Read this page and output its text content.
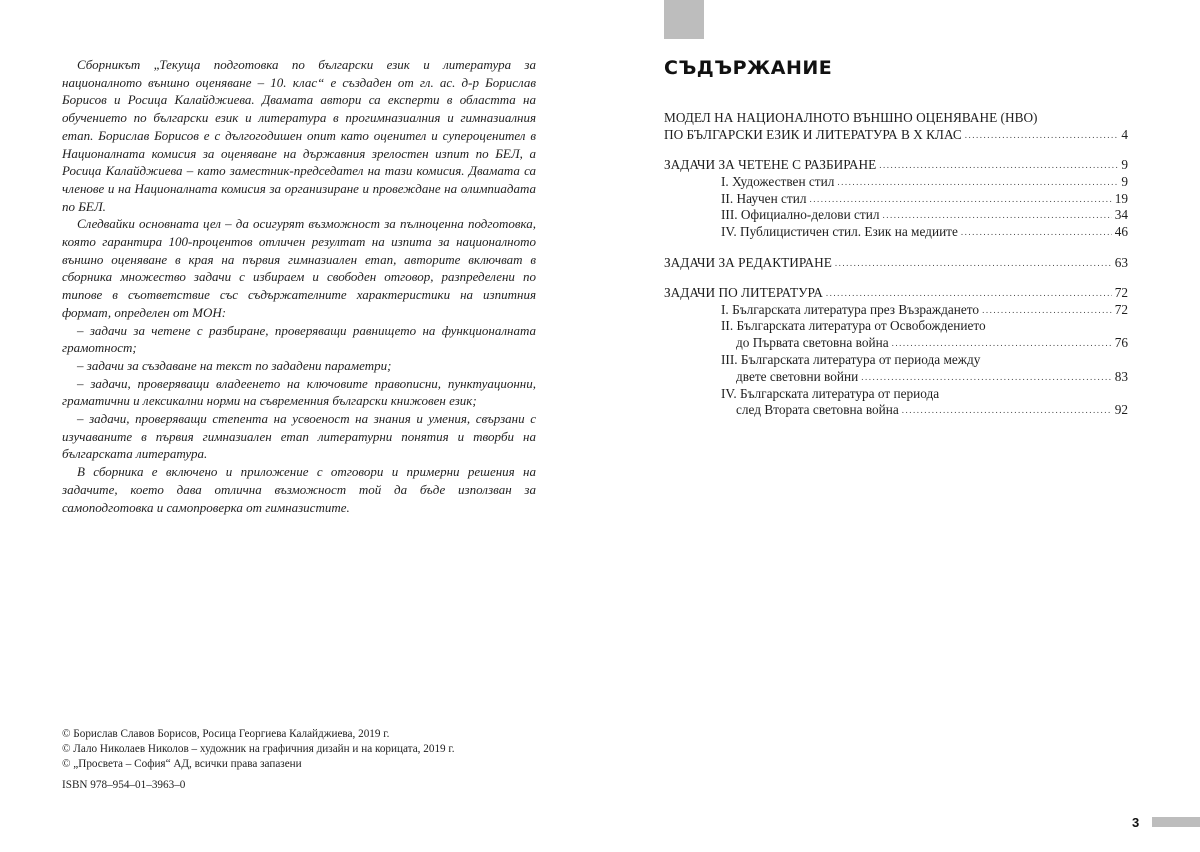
Сборникът „Текуща подготовка по български език и литература за националното външно оценяване – 10. клас“ е създаден от гл. ас. д-р Борислав Борисов и Росица Калайджиева. Двамата автори са експерти в областта на обучението по български език и литература в прогимназиалния и гимназиалния етап. Борислав Борисов е с дългогодишен опит като оценител и супероценител в Националната комисия за оценяване на държавния зрелостен изпит по БЕЛ, а Росица Калайджиева – като заместник-председател на тази комисия. Двамата са членове и на Националната комисия за организиране и провеждане на олимпиадата по БЕЛ.

Следвайки основната цел – да осигурят възможност за пълноценна подготовка, която гарантира 100-процентов отличен резултат на изпита за националното външно оценяване в края на първия гимназиален етап, авторите включват в сборника множество задачи с избираем и свободен отговор, разпределени по типове в съответствие със съдържателните характеристики на изпитния формат, определен от МОН:

– задачи за четене с разбиране, проверяващи равнището на функционалната грамотност;

– задачи за създаване на текст по зададени параметри;

– задачи, проверяващи владеенето на ключовите правописни, пунктуационни, граматични и лексикални норми на съвременния български книжовен език;

– задачи, проверяващи степента на усвоеност на знания и умения, свързани с изучаваните в първия гимназиален етап литературни понятия и творби на българската литература.

В сборника е включено и приложение с отговори и примерни решения на задачите, което дава отлична възможност той да бъде използван за самоподготовка и самопроверка от гимназистите.

© Борислав Славов Борисов, Росица Георгиева Калайджиева, 2019 г.
© Лало Николаев Николов – художник на графичния дизайн и на корицата, 2019 г.
© „Просвета – София“ АД, всички права запазени
ISBN 978–954–01–3963–0
СЪДЪРЖАНИЕ
МОДЕЛ НА НАЦИОНАЛНОТО ВЪНШНО ОЦЕНЯВАНЕ (НВО)
ПО БЪЛГАРСКИ ЕЗИК И ЛИТЕРАТУРА В X КЛАС .....	4
ЗАДАЧИ ЗА ЧЕТЕНЕ С РАЗБИРАНЕ .....	9
I. Художествен стил .....	9
II. Научен стил .....	19
III. Официално-делови стил .....	34
IV. Публицистичен стил. Език на медиите .....	46
ЗАДАЧИ ЗА РЕДАКТИРАНЕ .....	63
ЗАДАЧИ ПО ЛИТЕРАТУРА .....	72
I. Българската литература през Възраждането .....	72
II. Българската литература от Освобождението
до Първата световна война .....	76
III. Българската литература от периода между
двете световни войни .....	83
IV. Българската литература от периода
след Втората световна война .....	92
3
